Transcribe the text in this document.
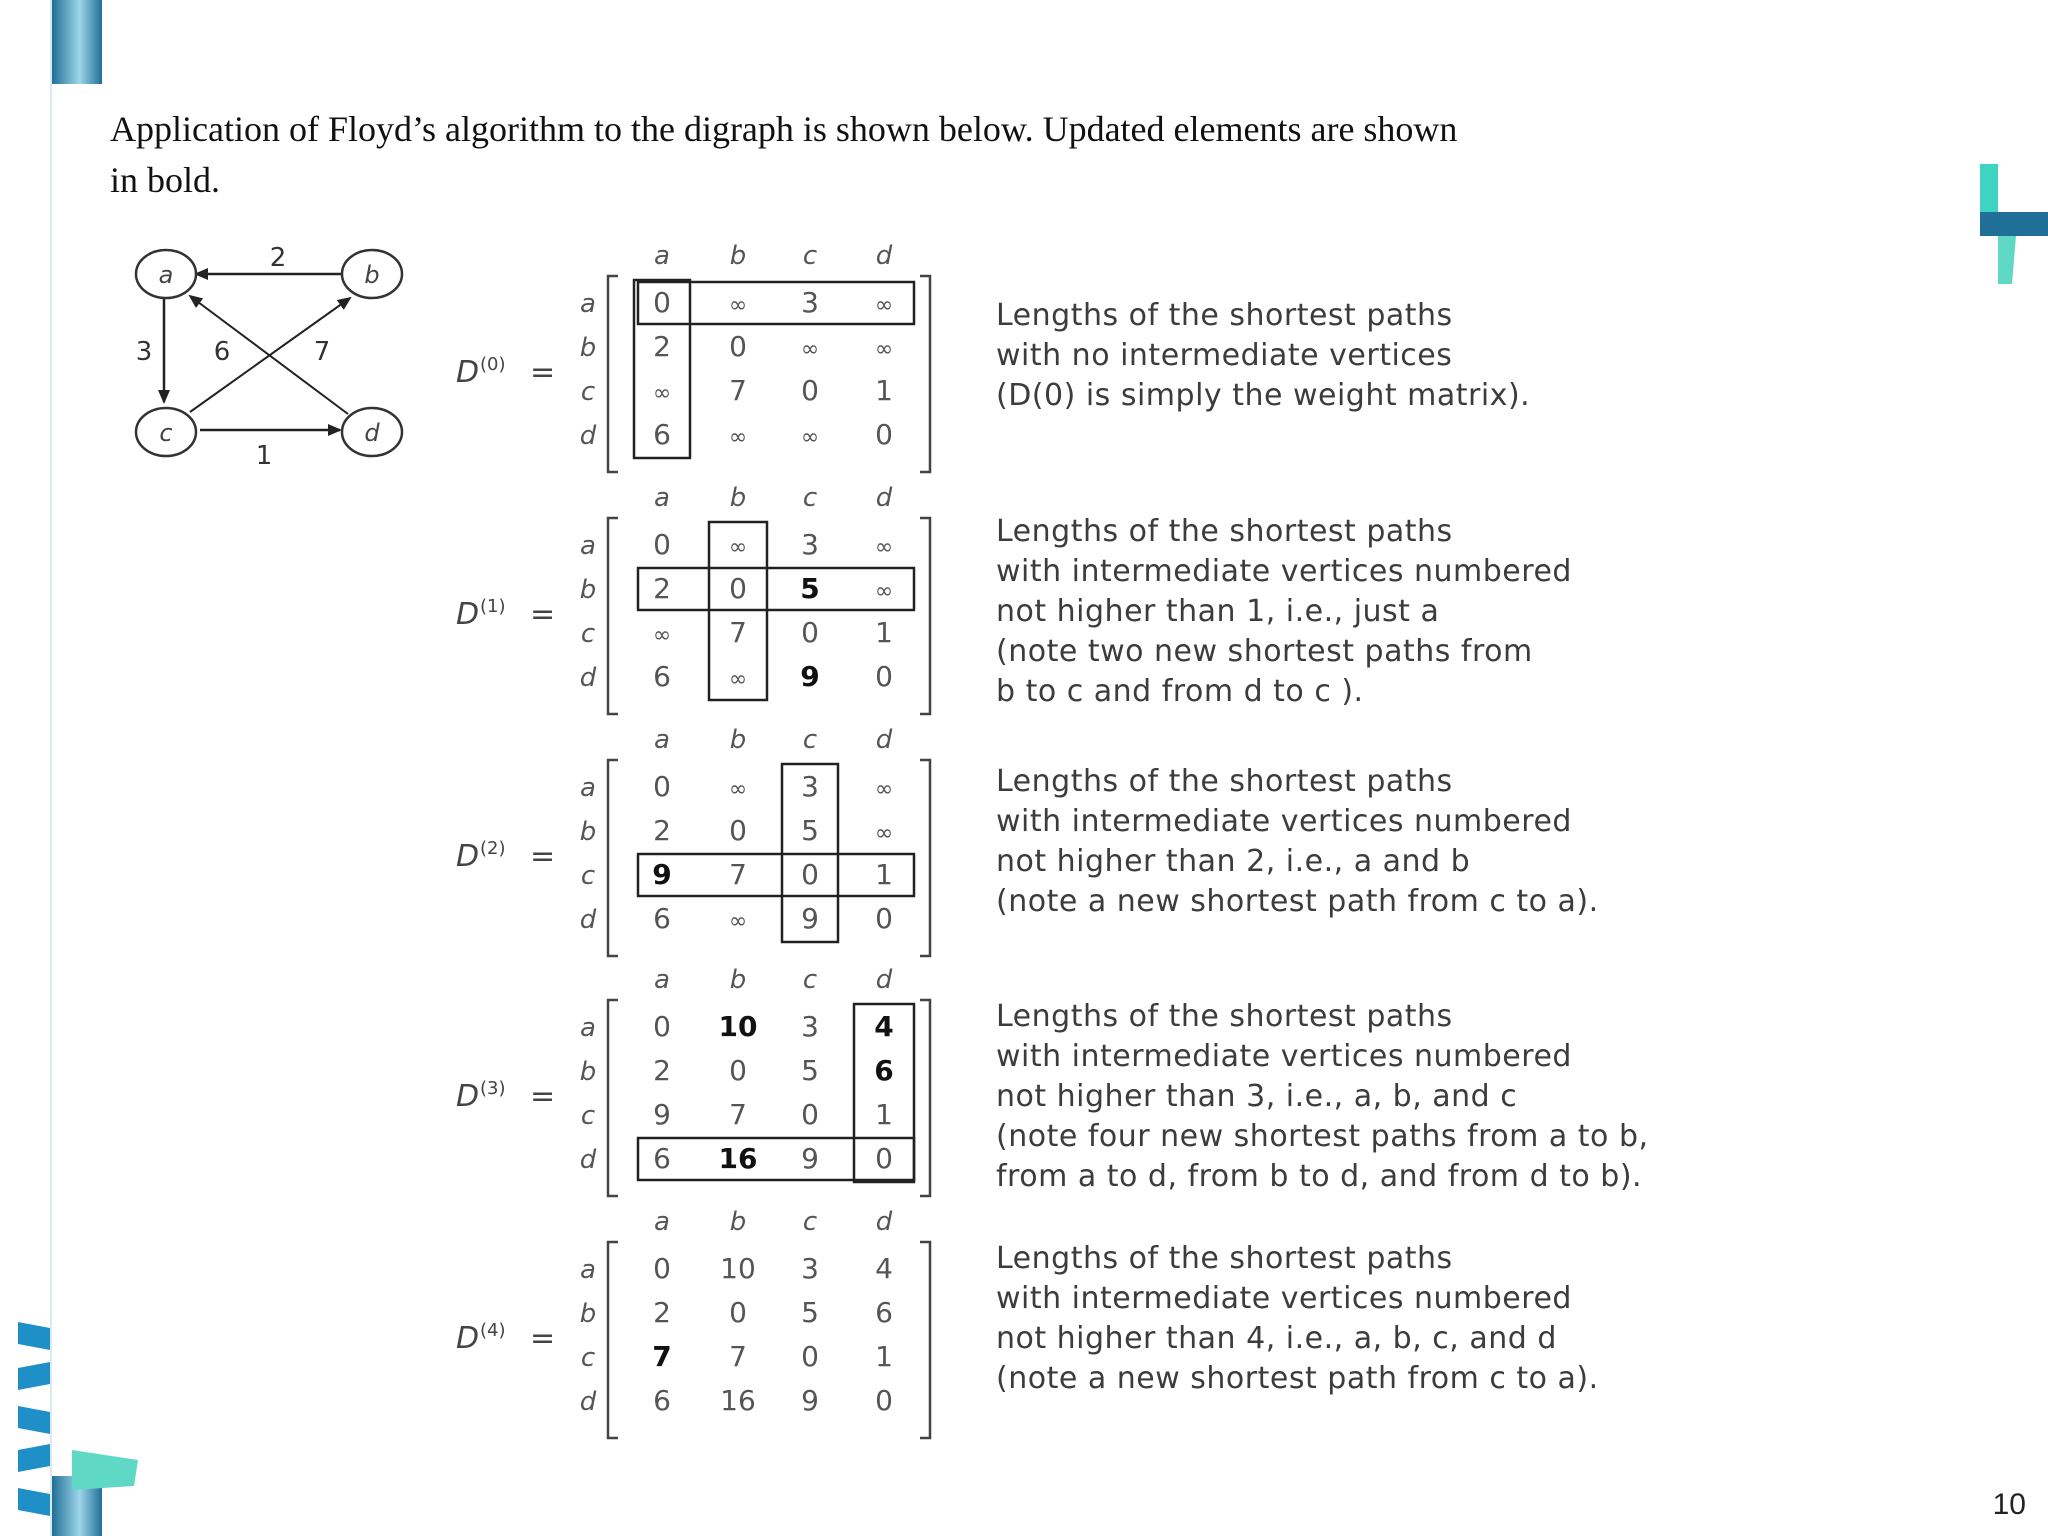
Application of Floyd’s algorithm to the digraph is shown below. Updated elements are shown
in bold.
2
3 6	7
1
a	b
c	d
a b c d
a
b
c
d
D (0) =
0	∞ 3	∞
2 0 ∞	∞
∞ 7 0 1
6	∞ ∞ 0
a b c d
a
b
c
d
D (1) =
0	∞ 3	∞
2 0 5	∞
∞ 7 0 1
6	∞ 9 0
a b c d
a
b
c
d
D (2) =
0	∞ 3	∞
2 0 5	∞
9 7 0 1
6	∞ 9 0
a b c d
a
b
c
d
D (3) =
0 10 3 4
2 0 5 6
9 7 0 1
6 16 9 0
a b c d
a
b
c
d
D (4) =
0 10 3 4
2 0 5 6
7 7 0 1
6 16 9 0

Lengths of the shortest paths
with no intermediate vertices
(D(0) is simply the weight matrix).

Lengths of the shortest paths
with intermediate vertices numbered
not higher than 1, i.e., just a
(note two new shortest paths from
b to c and from d to c ).

Lengths of the shortest paths
with intermediate vertices numbered
not higher than 2, i.e., a and b
(note a new shortest path from c to a).

Lengths of the shortest paths
with intermediate vertices numbered
not higher than 3, i.e., a, b, and c
(note four new shortest paths from a to b,
from a to d, from b to d, and from d to b).

Lengths of the shortest paths
with intermediate vertices numbered
not higher than 4, i.e., a, b, c, and d
(note a new shortest path from c to a).

10
